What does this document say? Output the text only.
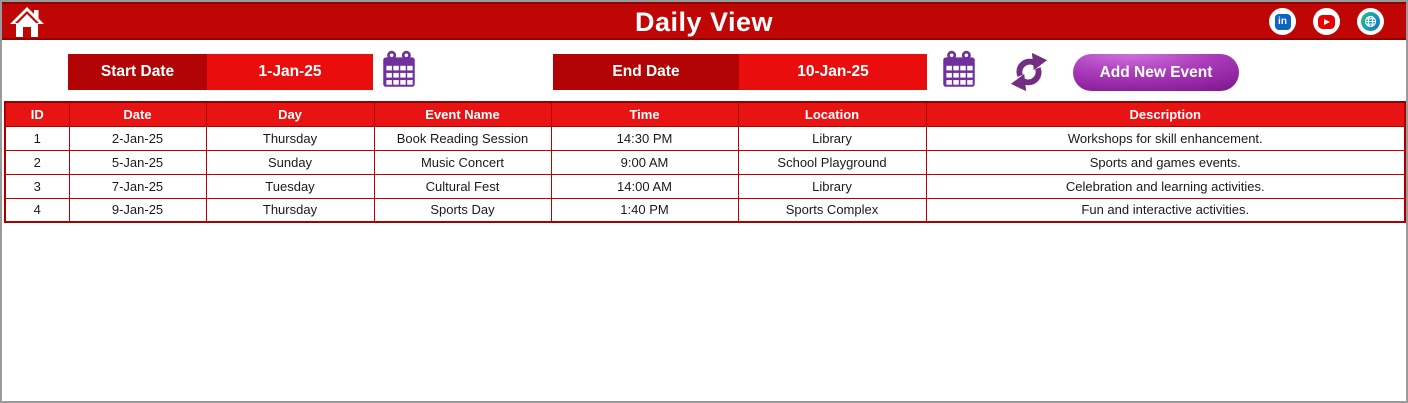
Daily View	in
Start Date	1-Jan-25	End Date	10-Jan-25	Add New Event
ID	Date	Day	Event Name	Time	Location	Description
1	2-Jan-25	Thursday	Book Reading Session	14:30 PM	Library	Workshops for skill enhancement.
2	5-Jan-25	Sunday	Music Concert	9:00 AM	School Playground	Sports and games events.
3	7-Jan-25	Tuesday	Cultural Fest	14:00 AM	Library	Celebration and learning activities.
4	9-Jan-25	Thursday	Sports Day	1:40 PM	Sports Complex	Fun and interactive activities.
